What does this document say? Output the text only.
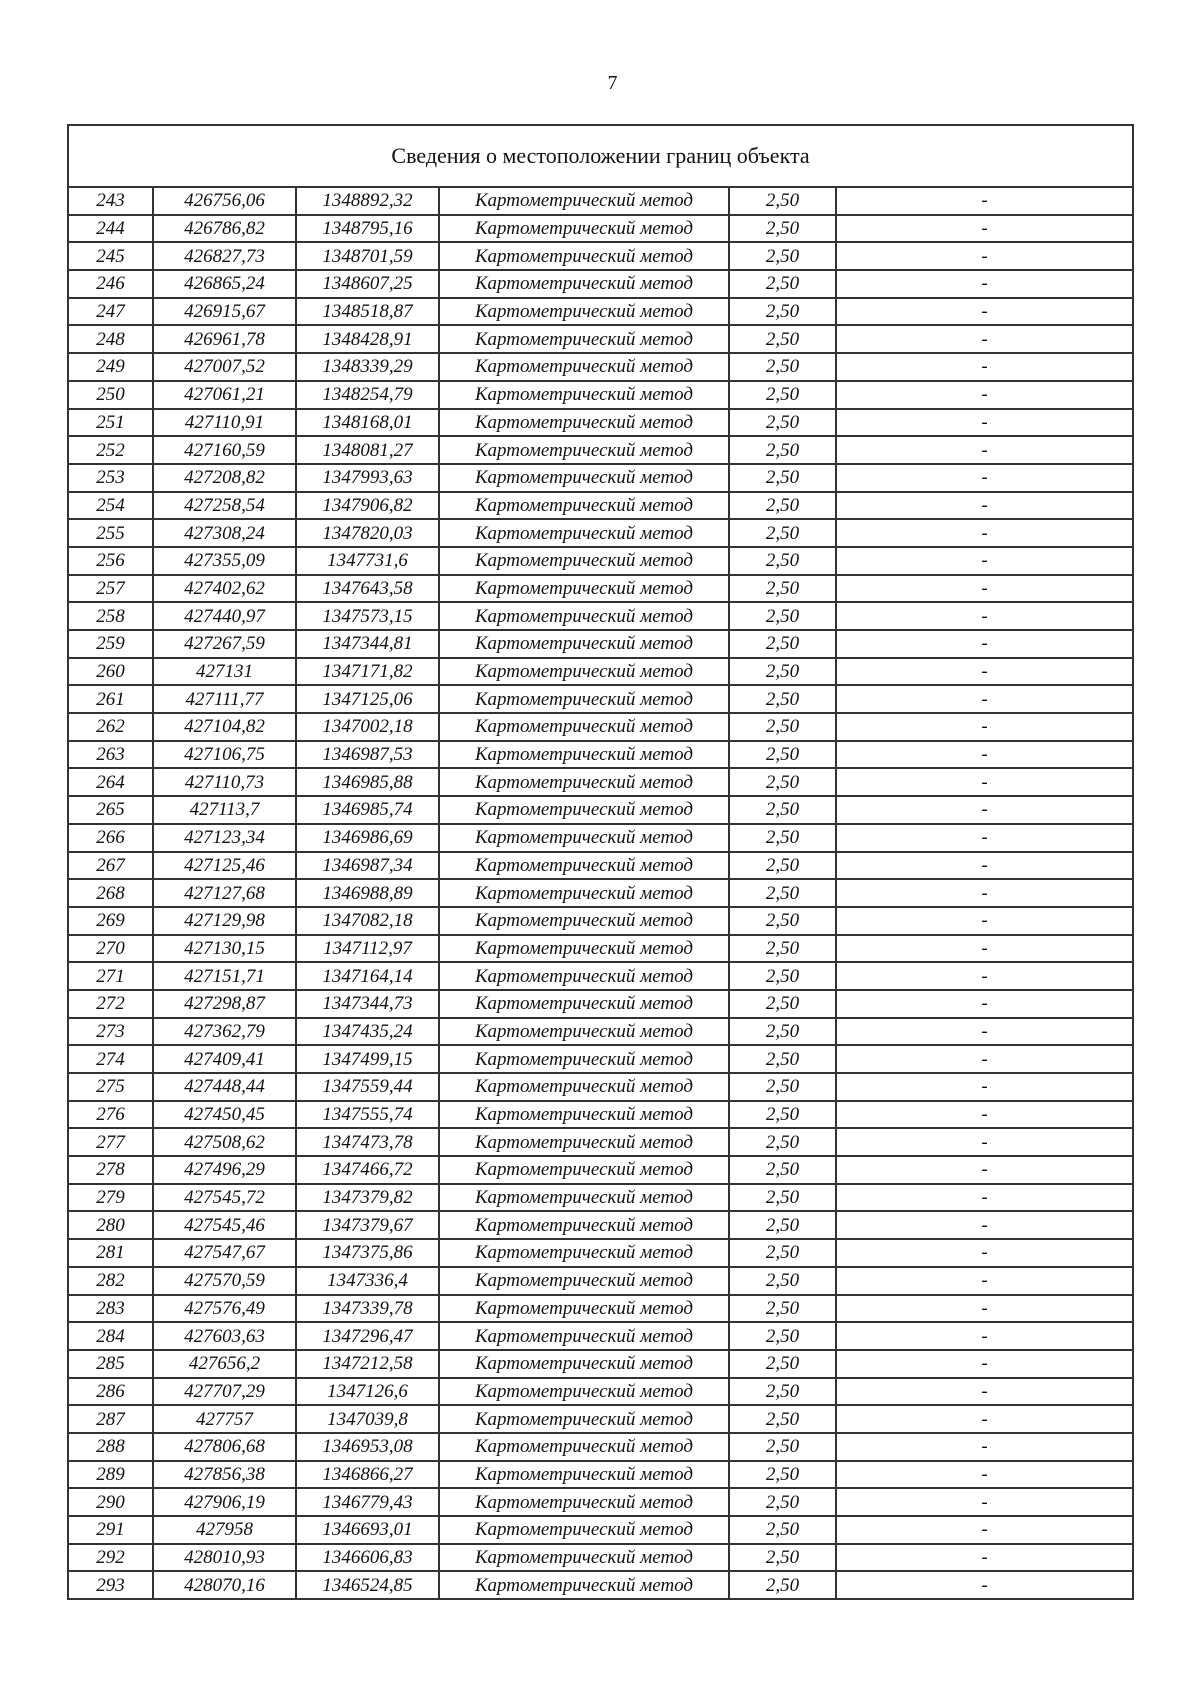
7
Сведения о местоположении границ объекта					
243	426756,06	1348892,32	Картометрический метод	2,50	-
244	426786,82	1348795,16	Картометрический метод	2,50	-
245	426827,73	1348701,59	Картометрический метод	2,50	-
246	426865,24	1348607,25	Картометрический метод	2,50	-
247	426915,67	1348518,87	Картометрический метод	2,50	-
248	426961,78	1348428,91	Картометрический метод	2,50	-
249	427007,52	1348339,29	Картометрический метод	2,50	-
250	427061,21	1348254,79	Картометрический метод	2,50	-
251	427110,91	1348168,01	Картометрический метод	2,50	-
252	427160,59	1348081,27	Картометрический метод	2,50	-
253	427208,82	1347993,63	Картометрический метод	2,50	-
254	427258,54	1347906,82	Картометрический метод	2,50	-
255	427308,24	1347820,03	Картометрический метод	2,50	-
256	427355,09	1347731,6	Картометрический метод	2,50	-
257	427402,62	1347643,58	Картометрический метод	2,50	-
258	427440,97	1347573,15	Картометрический метод	2,50	-
259	427267,59	1347344,81	Картометрический метод	2,50	-
260	427131	1347171,82	Картометрический метод	2,50	-
261	427111,77	1347125,06	Картометрический метод	2,50	-
262	427104,82	1347002,18	Картометрический метод	2,50	-
263	427106,75	1346987,53	Картометрический метод	2,50	-
264	427110,73	1346985,88	Картометрический метод	2,50	-
265	427113,7	1346985,74	Картометрический метод	2,50	-
266	427123,34	1346986,69	Картометрический метод	2,50	-
267	427125,46	1346987,34	Картометрический метод	2,50	-
268	427127,68	1346988,89	Картометрический метод	2,50	-
269	427129,98	1347082,18	Картометрический метод	2,50	-
270	427130,15	1347112,97	Картометрический метод	2,50	-
271	427151,71	1347164,14	Картометрический метод	2,50	-
272	427298,87	1347344,73	Картометрический метод	2,50	-
273	427362,79	1347435,24	Картометрический метод	2,50	-
274	427409,41	1347499,15	Картометрический метод	2,50	-
275	427448,44	1347559,44	Картометрический метод	2,50	-
276	427450,45	1347555,74	Картометрический метод	2,50	-
277	427508,62	1347473,78	Картометрический метод	2,50	-
278	427496,29	1347466,72	Картометрический метод	2,50	-
279	427545,72	1347379,82	Картометрический метод	2,50	-
280	427545,46	1347379,67	Картометрический метод	2,50	-
281	427547,67	1347375,86	Картометрический метод	2,50	-
282	427570,59	1347336,4	Картометрический метод	2,50	-
283	427576,49	1347339,78	Картометрический метод	2,50	-
284	427603,63	1347296,47	Картометрический метод	2,50	-
285	427656,2	1347212,58	Картометрический метод	2,50	-
286	427707,29	1347126,6	Картометрический метод	2,50	-
287	427757	1347039,8	Картометрический метод	2,50	-
288	427806,68	1346953,08	Картометрический метод	2,50	-
289	427856,38	1346866,27	Картометрический метод	2,50	-
290	427906,19	1346779,43	Картометрический метод	2,50	-
291	427958	1346693,01	Картометрический метод	2,50	-
292	428010,93	1346606,83	Картометрический метод	2,50	-
293	428070,16	1346524,85	Картометрический метод	2,50	-
